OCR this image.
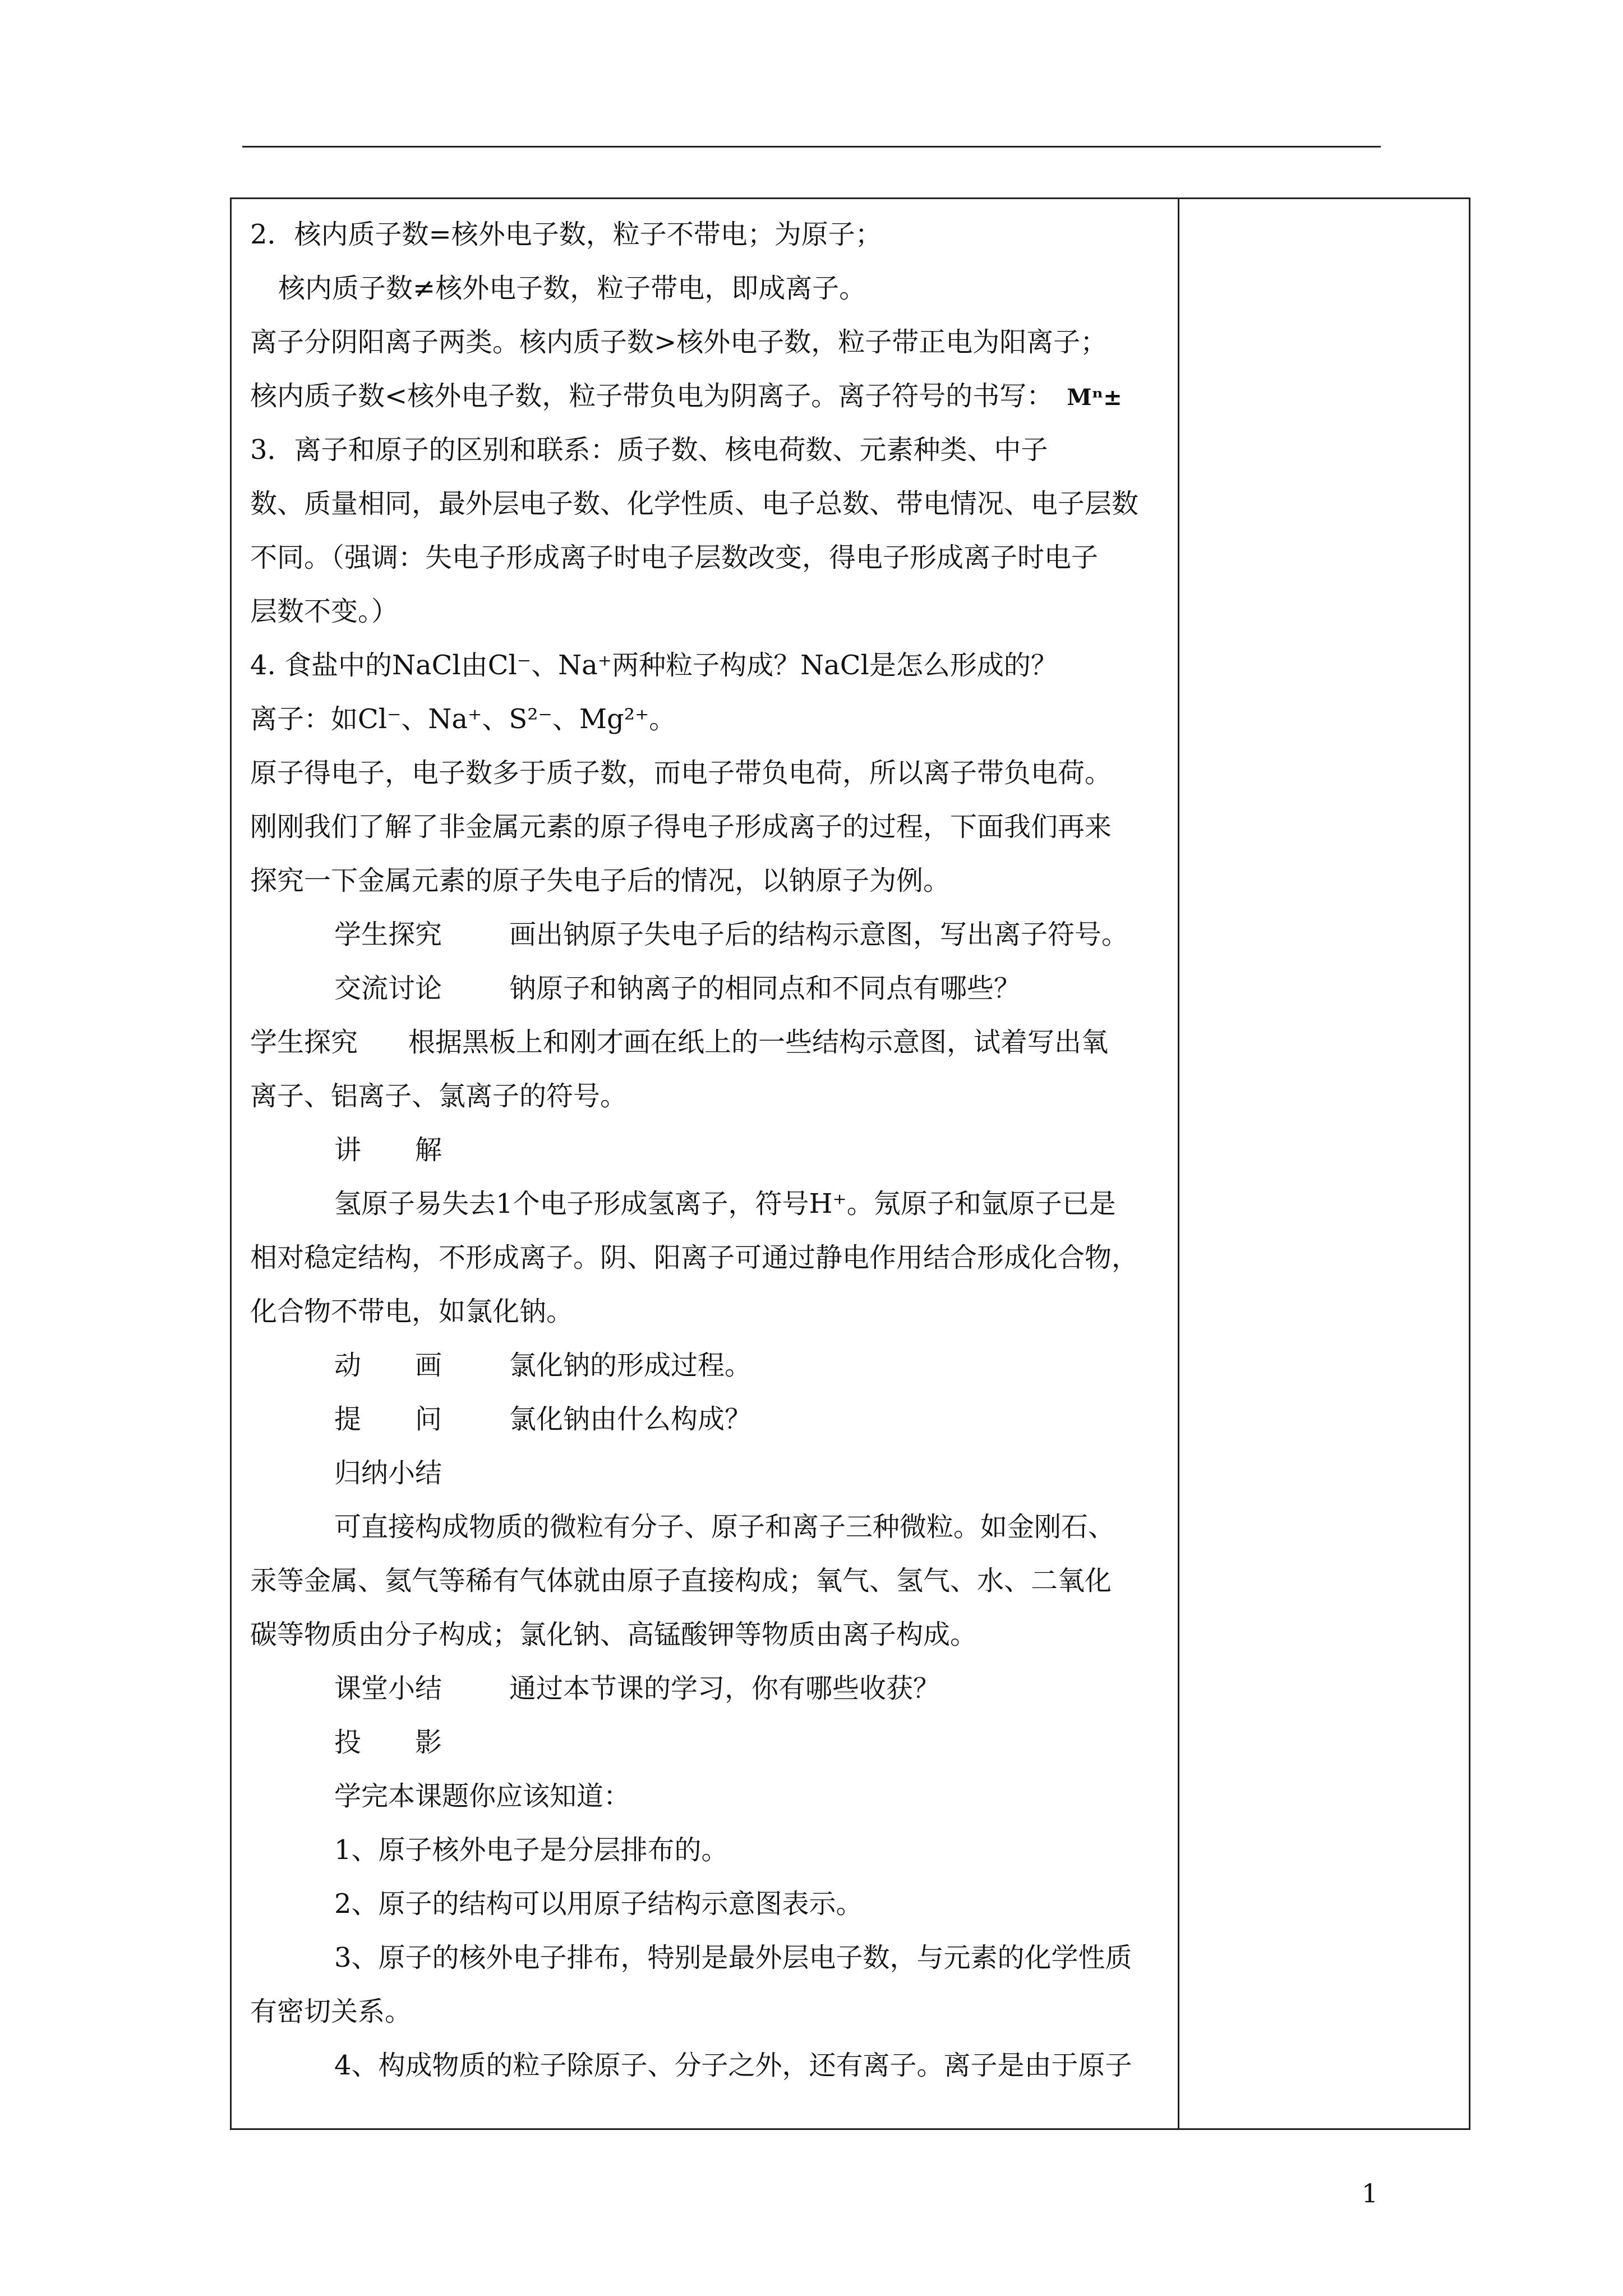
2．核内质子数=核外电子数，粒子不带电；为原子；
核内质子数≠核外电子数，粒子带电，即成离子。
离子分阴阳离子两类。核内质子数>核外电子数，粒子带正电为阳离子；
核内质子数<核外电子数，粒子带负电为阴离子。离子符号的书写： Mⁿ±
3．离子和原子的区别和联系：质子数、核电荷数、元素种类、中子
数、质量相同，最外层电子数、化学性质、电子总数、带电情况、电子层数
不同。（强调：失电子形成离子时电子层数改变，得电子形成离子时电子
层数不变。）
4. 食盐中的NaCl由Cl⁻、Na⁺两种粒子构成？NaCl是怎么形成的？
离子：如Cl⁻、Na⁺、S²⁻、Mg²⁺。
原子得电子，电子数多于质子数，而电子带负电荷，所以离子带负电荷。
刚刚我们了解了非金属元素的原子得电子形成离子的过程，下面我们再来
探究一下金属元素的原子失电子后的情况，以钠原子为例。
学生探究	画出钠原子失电子后的结构示意图，写出离子符号。
交流讨论	钠原子和钠离子的相同点和不同点有哪些？
学生探究 根据黑板上和刚才画在纸上的一些结构示意图，试着写出氧
离子、铝离子、氯离子的符号。
讲　　解
氢原子易失去1个电子形成氢离子，符号H⁺。氖原子和氩原子已是
相对稳定结构，不形成离子。阴、阳离子可通过静电作用结合形成化合物，
化合物不带电，如氯化钠。
动　　画	氯化钠的形成过程。
提　　问	氯化钠由什么构成？
归纳小结
可直接构成物质的微粒有分子、原子和离子三种微粒。如金刚石、
汞等金属、氦气等稀有气体就由原子直接构成；氧气、氢气、水、二氧化
碳等物质由分子构成；氯化钠、高锰酸钾等物质由离子构成。
课堂小结	通过本节课的学习，你有哪些收获？
投　　影
学完本课题你应该知道：
1、原子核外电子是分层排布的。
2、原子的结构可以用原子结构示意图表示。
3、原子的核外电子排布，特别是最外层电子数，与元素的化学性质
有密切关系。
4、构成物质的粒子除原子、分子之外，还有离子。离子是由于原子
1
